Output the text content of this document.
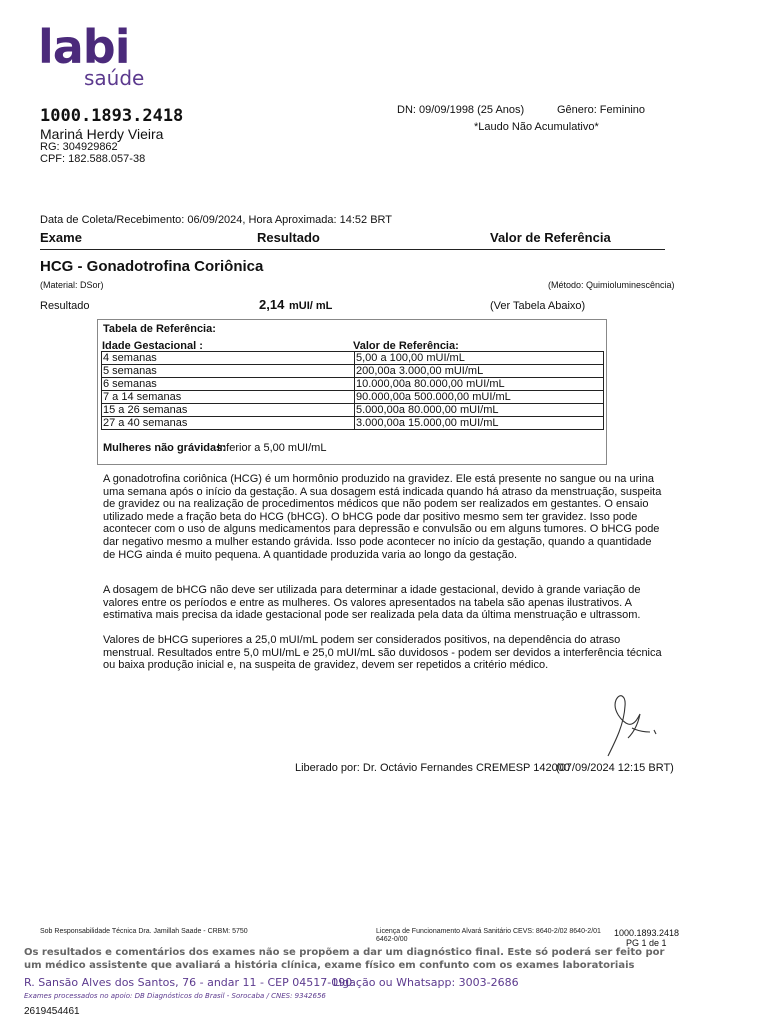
labi
saúde
1000.1893.2418
Mariná Herdy Vieira
RG: 304929862
CPF: 182.588.057-38
DN: 09/09/1998 (25 Anos)	Gênero: Feminino
*Laudo Não Acumulativo*
Data de Coleta/Recebimento: 06/09/2024, Hora Aproximada: 14:52 BRT
Exame	Resultado	Valor de Referência
HCG - Gonadotrofina Coriônica
(Material: DSor)	(Método: Quimioluminescência)
Resultado	2,14 mUI/ mL	(Ver Tabela Abaixo)
Tabela de Referência:
Idade Gestacional :	Valor de Referência:
4 semanas	5,00 a 100,00 mUI/mL
5 semanas	200,00a 3.000,00 mUI/mL
6 semanas	10.000,00a 80.000,00 mUI/mL
7 a 14 semanas	90.000,00a 500.000,00 mUI/mL
15 a 26 semanas	5.000,00a 80.000,00 mUI/mL
27 a 40 semanas	3.000,00a 15.000,00 mUI/mL
Mulheres não grávidas:
Inferior a 5,00 mUI/mL
A gonadotrofina coriônica (HCG) é um hormônio produzido na gravidez. Ele está presente no sangue ou na urina uma semana após o início da gestação. A sua dosagem está indicada quando há atraso da menstruação, suspeita de gravidez ou na realização de procedimentos médicos que não podem ser realizados em gestantes. O ensaio utilizado mede a fração beta do HCG (bHCG). O bHCG pode dar positivo mesmo sem ter gravidez. Isso pode acontecer com o uso de alguns medicamentos para depressão e convulsão ou em alguns tumores. O bHCG pode dar negativo mesmo a mulher estando grávida. Isso pode acontecer no início da gestação, quando a quantidade de HCG ainda é muito pequena. A quantidade produzida varia ao longo da gestação.
A dosagem de bHCG não deve ser utilizada para determinar a idade gestacional, devido à grande variação de valores entre os períodos e entre as mulheres. Os valores apresentados na tabela são apenas ilustrativos. A estimativa mais precisa da idade gestacional pode ser realizada pela data da última menstruação e ultrassom.
Valores de bHCG superiores a 25,0 mUI/mL podem ser considerados positivos, na dependência do atraso menstrual. Resultados entre 5,0 mUI/mL e 25,0 mUI/mL são duvidosos - podem ser devidos a interferência técnica ou baixa produção inicial e, na suspeita de gravidez, devem ser repetidos a critério médico.
Liberado por: Dr. Octávio Fernandes CREMESP 142000
(07/09/2024 12:15 BRT)
Sob Responsabilidade Técnica Dra. Jamillah Saade - CRBM: 5750	Licença de Funcionamento Alvará Sanitário CEVS: 8640-2/02 8640-2/01 6462-0/00
1000.1893.2418
PG 1 de 1
Os resultados e comentários dos exames não se propõem a dar um diagnóstico final. Este só poderá ser feito por
um médico assistente que avaliará a história clínica, exame físico em confunto com os exames laboratoriais
R. Sansão Alves dos Santos, 76 - andar 11 - CEP 04517-090
Ligação ou Whatsapp: 3003-2686
Exames processados no apoio: DB Diagnósticos do Brasil - Sorocaba / CNES: 9342656
2619454461
